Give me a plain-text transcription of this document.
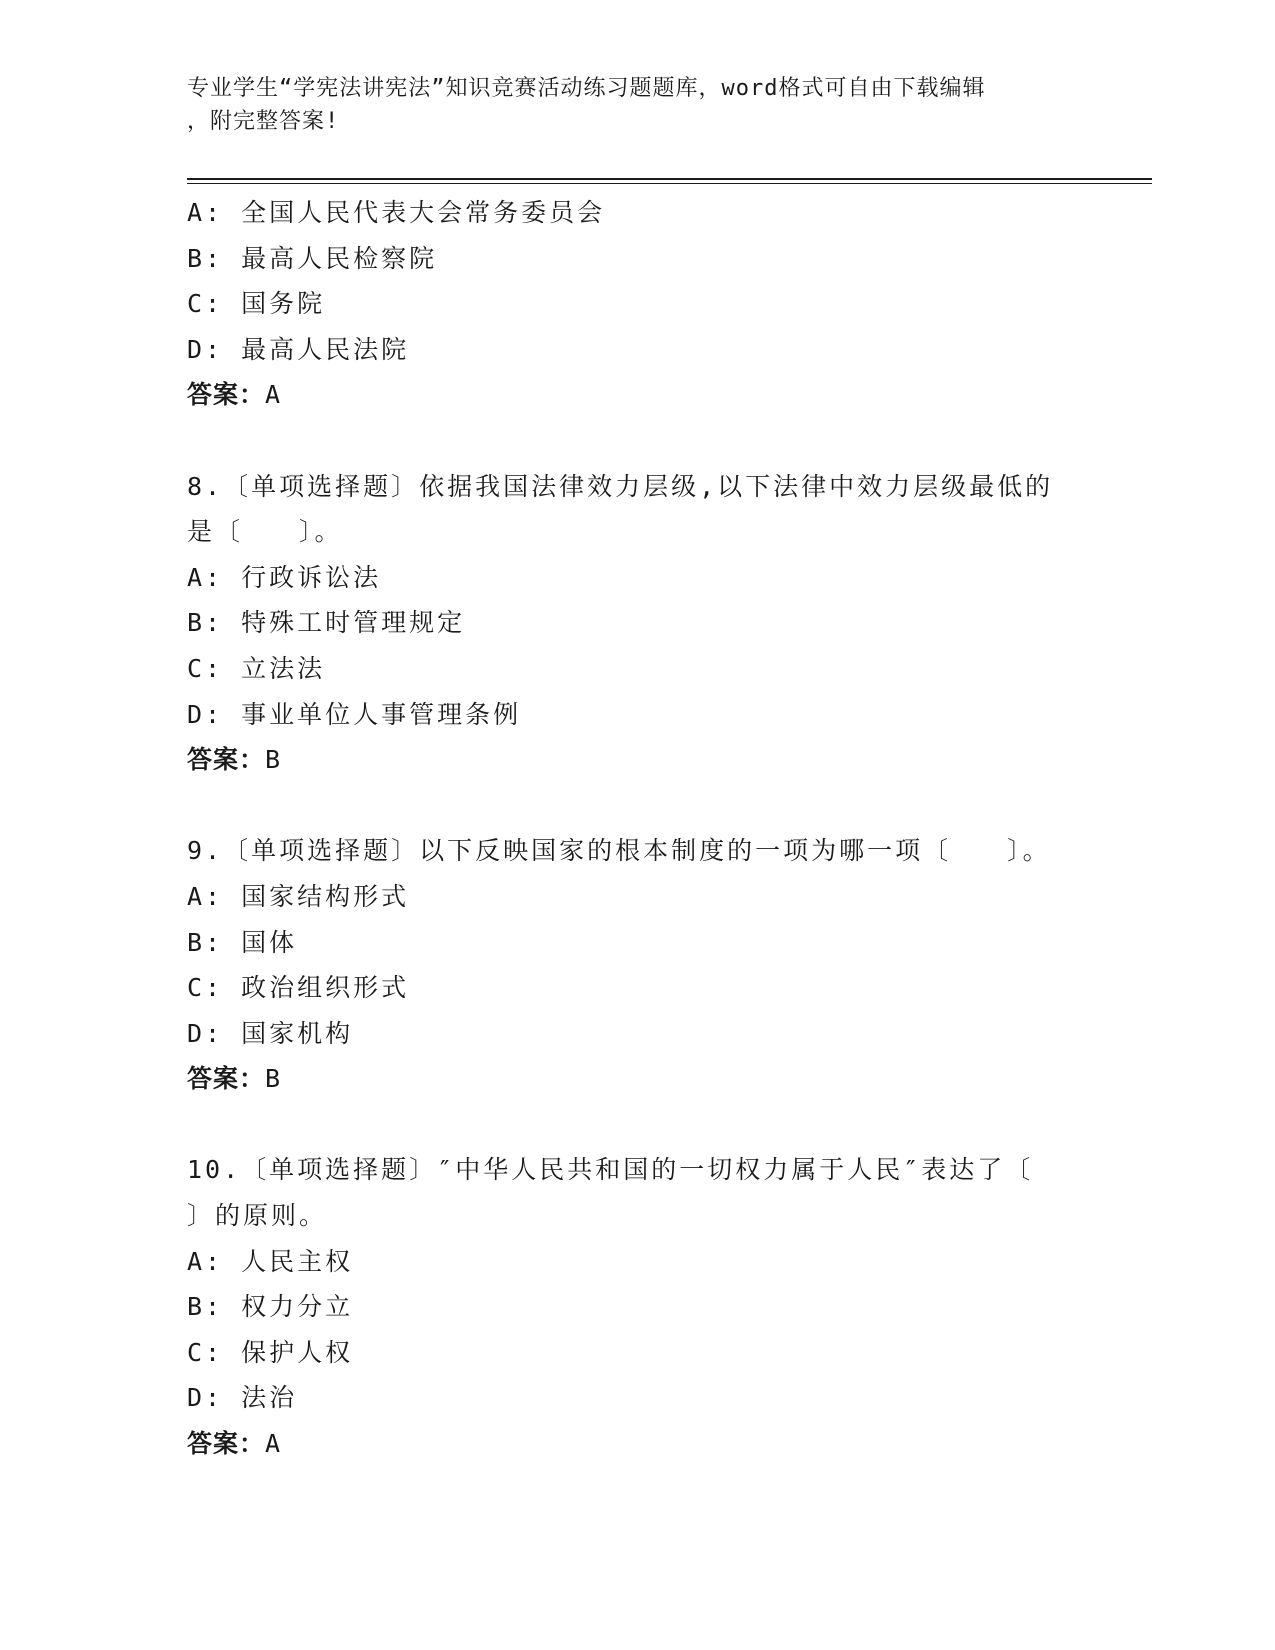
专业学生“学宪法讲宪法”知识竞赛活动练习题题库，word格式可自由下载编辑
，附完整答案!
A: 全国人民代表大会常务委员会
B: 最高人民检察院
C: 国务院
D: 最高人民法院
答案：A
8.〔单项选择题〕依据我国法律效力层级,以下法律中效力层级最低的
是〔　　〕。
A: 行政诉讼法
B: 特殊工时管理规定
C: 立法法
D: 事业单位人事管理条例
答案：B
9.〔单项选择题〕以下反映国家的根本制度的一项为哪一项〔　　〕。
A: 国家结构形式
B: 国体
C: 政治组织形式
D: 国家机构
答案：B
10.〔单项选择题〕″中华人民共和国的一切权力属于人民″表达了〔
〕的原则。
A: 人民主权
B: 权力分立
C: 保护人权
D: 法治
答案：A
